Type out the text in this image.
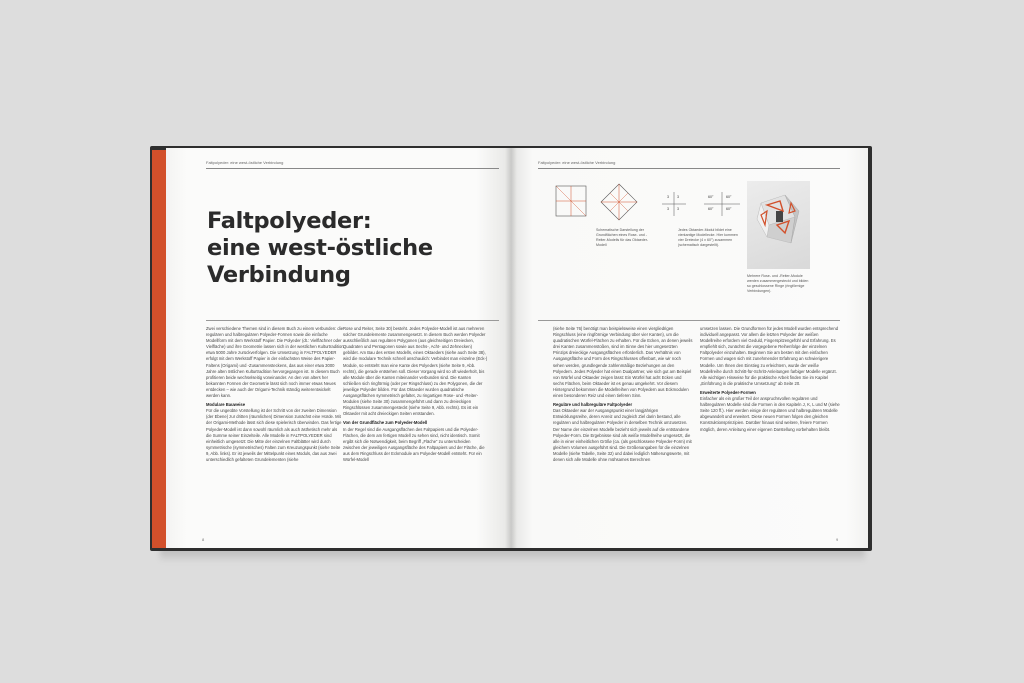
Faltpolyeder: eine west-östliche Verbindung
Faltpolyeder:
eine west-östliche
Verbindung
Zwei verschiedene Themen sind in diesem Buch zu einem verbunden: die regulären und halbregulären Polyeder-Formen sowie die einfache Modellform mit dem Werkstoff Papier. Die Polyeder (dt.: Vielflächner oder Vielfläche) und ihre Geometrie lassen sich in der westlichen Kulturtradition etwa 5000 Jahre zurückverfolgen. Die Umsetzung in FALTPOLYEDER erfolgt mit dem Werkstoff Papier in der einfachsten Weise des Papier-Faltens (Origami) und -Zusammensteckens, das aus einer etwa 3000 Jahre alten östlichen Kulturtradition hervorgegangen ist. In diesem Buch profitieren beide wechselseitig voneinander. An den von alters her bekannten Formen der Geometrie lässt sich noch immer etwas Neues entdecken – wie auch der Origami-Technik ständig weiterentwickelt werden kann.
Modulare Bauweise
Für die ungeübte Vorstellung ist der Schritt von der zweiten Dimension (der Ebene) zur dritten (räumlichen) Dimension zunächst eine Hürde. Mit der Origami-Methode lässt sich diese spielerisch überwinden. Das fertige Polyeder-Modell ist dann sowohl räumlich als auch ästhetisch mehr als die Summe seiner Einzelteile. Alle Modelle in FALTPOLYEDER sind einheitlich umgesetzt: Die Mitte der einzelnen Faltblätter wird durch symmetrische (symmetrisches) Falten zum Kreuzungspunkt (siehe Seite 9, Abb. links). Er ist jeweils der Mittelpunkt eines Moduls, das aus zwei unterschiedlich gefalteten Grundelementen (siehe
Rose und Reiter, Seite 30) besteht. Jedes Polyeder-Modell ist aus mehreren solcher Grundelemente zusammengesetzt. In diesem Buch werden Polyeder ausschließlich aus regulären Polygonen (aus gleichseitigen Dreiecken, Quadraten und Pentagonen sowie aus Sechs-, Acht- und Zehnecken) gebildet. Am Bau des ersten Modells, eines Oktaeders (siehe auch Seite 38), wird die modulare Technik schnell anschaulich: Verbindet man einzelne (Eck-) Module, so entsteht man eine Kante des Polyeders (siehe Seite 9, Abb. rechts), die gerade entstehen soll. Dieser Vorgang wird so oft wiederholt, bis alle Module über die Kanten miteinander verbunden sind. Die Kanten schließen sich ringförmig (oder per Ringschluss) zu den Polygonen, die der jeweilige Polyeder bilden. Für das Oktaeder wurden quadratische Ausgangsflächen symmetrisch gefaltet, zu ringartigen Rose- und -Reiter-Modulen (siehe Seite 30) zusammengeführt und dann zu dreieckigen Ringschlüssen zusammengesteckt (siehe Seite 9, Abb. rechts). Es ist ein Oktaeder mit acht dreieckigen Seiten entstanden.
Von der Grundfläche zum Polyeder-Modell
In der Regel sind die Ausgangsflächen des Faltpapiers und die Polyeder-Flächen, die dem am fertigen Modell zu sehen sind, nicht identisch. Somit ergibt sich die Notwendigkeit, beim Begriff „Fläche“ zu unterscheiden zwischen der jeweiligen Ausgangsfläche des Faltpapiers und der Fläche, die aus dem Ringschluss der Eckmodule am Polyeder-Modell entsteht. Für ein Würfel-Modell
8
Faltpolyeder: eine west-östliche Verbindung
Schematische Darstellung der Grundflächen eines Rose- und -Reiter-Modells für das Oktaeder-Modell
3 3
3 3
60°	60°
60°	60°
Jedes Oktaeder-Modul bildet eine vierkantige Modellecke. Hier kommen vier Dreiecke (4 x 60°) zusammen (schematisch dargestellt).
Mehrere Rose- und -Reiter-Module werden zusammengesteckt und bilden so geschlossene Ringe (ringförmige Verbindungen).
(siehe Seite 76) benötigt man beispielsweise einen vierg​liedrigen Ringschluss (eine ringförmige Verbindung über vier Kanten), um die quadratischen Würfel-Flächen zu erhalten. Für die Ecken, an denen jeweils drei Kanten zusammenstoßen, sind im Sinne des hier umgesetzten Prinzips dreieckige Ausgangsflächen erforderlich. Das Verhältnis von Ausgangsfläche und Form des Ringschlusses offenbart, wie wir noch sehen werden, grundlegende zahlenmäßige Beziehungen an den Polyedern. Jedes Polyeder hat einen Dualpartner, wie sich gut am Beispiel von Würfel und Oktaeder zeigen lässt: Ein Würfel hat acht Ecken und sechs Flächen, beim Oktaeder ist es genau umgekehrt. Vor diesem Hintergrund bekommen die Modellreihen von Polyedern aus Eckmodulen einen besonderen Reiz und einen tieferen Sinn.
Reguläre und halbreguläre Faltpolyeder
Das Oktaeder war der Ausgangspunkt einer langjährigen Entwicklungsreihe, deren Anreiz und zugleich Ziel darin bestand, alle regulären und halbregulären Polyeder in derselben Technik umzusetzen. Der Name der einzelnen Modelle bezieht sich jeweils auf die entstandene Polyeder-Form. Die Ergebnisse sind als weiße Modellreihe umgesetzt, die alle in einer einheitlichen Größe (ca. (als geschlossene Polyeder-Form) mit gleichem Volumen ausgeführt sind. Die Größenangaben für die einzelnen Modelle (siehe Tabelle, Seite 32) und dabei lediglich Näherungswerte, mit denen sich alle Modelle ohne mühsames Berechnen
umsetzen lassen. Die Grundformen für jedes Modell wurden entsprechend individuell angepasst. Vor allem die letzten Polyeder der weißen Modellreihe erfordern viel Geduld, Fingerspitzengefühl und Erfahrung. Es empfiehlt sich, zunächst die vorgegebene Reihenfolge der einzelnen Faltpolyeder einzuhalten. Beginnen Sie am besten mit den einfachen Formen und wagen sich mit zunehmender Erfahrung an schwierigere Modelle. Um Ihnen den Einstieg zu erleichtern, wurde der weiße Modellreihe durch Schritt-für-Schritt-Anleitungen farbiger Modelle ergänzt. Alle wichtigen Hinweise für die praktische Arbeit finden Sie im Kapitel „Einführung in die praktische Umsetzung“ ab Seite 20.
Erweiterte Polyeder-Formen
Einfacher als ein großer Teil der anspruchsvollen regulären und halbregulären Modelle sind die Formen in den Kapiteln J, K, L und M (siehe Seite 120 ff.). Hier werden einige der regulären und halbregulären Modelle abgewandelt und erweitert. Diese neuen Formen folgen den gleichen Konstruktionsprinzipien. Darüber hinaus sind weitere, freiere Formen möglich, deren Anleitung einer eigenen Darstellung vorbehalten bleibt.
9
